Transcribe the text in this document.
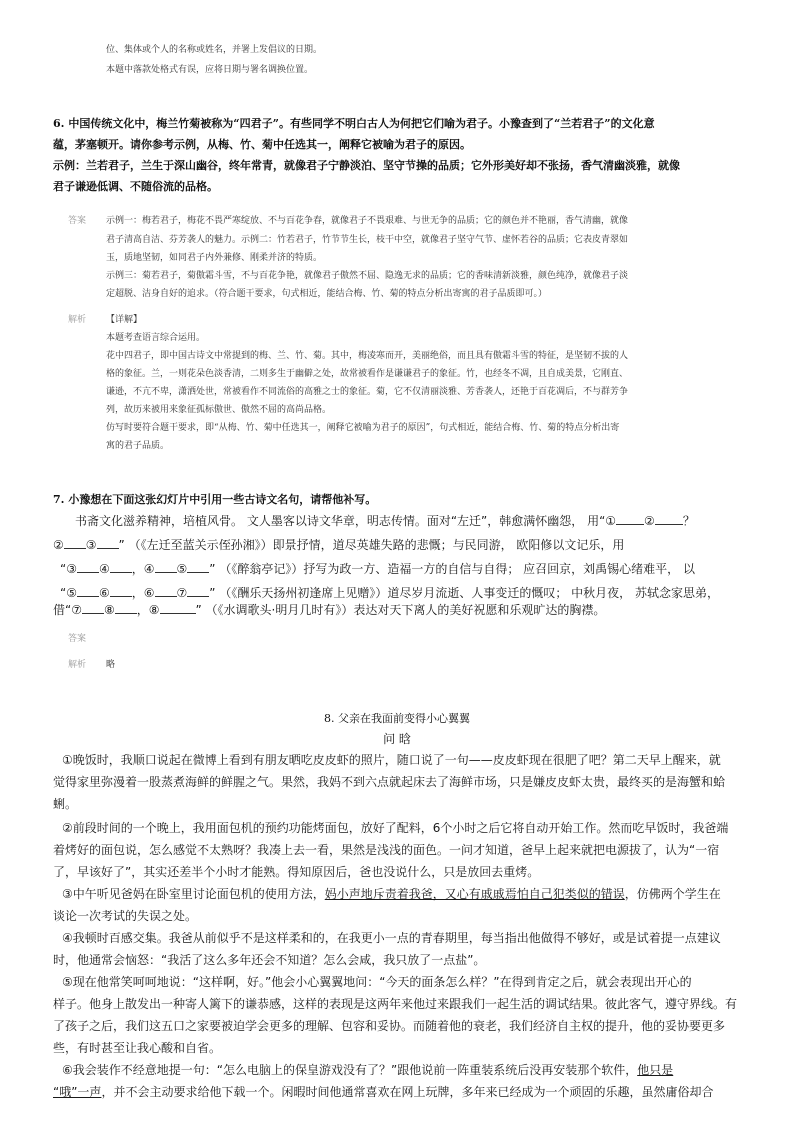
位、集体或个人的名称或姓名，并署上发倡议的日期。
本题中落款处格式有误，应将日期与署名调换位置。
6. 中国传统文化中，梅兰竹菊被称为“四君子”。有些同学不明白古人为何把它们喻为君子。小豫查到了“兰若君子”的文化意
蕴，茅塞顿开。请你参考示例，从梅、竹、菊中任选其一，阐释它被喻为君子的原因。
示例：兰若君子，兰生于深山幽谷，终年常青，就像君子宁静淡泊、坚守节操的品质；它外形美好却不张扬，香气清幽淡雅，就像
君子谦逊低调、不随俗流的品格。
答案 示例一：梅若君子，梅花不畏严寒绽放、不与百花争春，就像君子不畏艰难、与世无争的品质；它的颜色并不艳丽，香气清幽，就像
君子清高自洁、芬芳袭人的魅力。示例二：竹若君子，竹节节生长，枝干中空，就像君子坚守气节、虚怀若谷的品质；它表皮青翠如
玉，质地坚韧，如同君子内外兼修、刚柔并济的特质。
示例三：菊若君子，菊傲霜斗雪，不与百花争艳，就像君子傲然不屈、隐逸无求的品质；它的香味清新淡雅，颜色纯净，就像君子淡
定超脱、洁身自好的追求。（符合题干要求，句式相近，能结合梅、竹、菊的特点分析出寄寓的君子品质即可。）
解析 【详解】
本题考查语言综合运用。
花中四君子，即中国古诗文中常提到的梅、兰、竹、菊。其中，梅凌寒而开，美丽绝俗，而且具有傲霜斗雪的特征，是坚韧不拔的人
格的象征。兰，一则花朵色淡香清，二则多生于幽僻之处，故常被看作是谦谦君子的象征。竹，也经冬不凋，且自成美景，它刚直、
谦逊，不亢不卑，潇洒处世，常被看作不同流俗的高雅之士的象征。菊，它不仅清丽淡雅、芳香袭人，还艳于百花凋后，不与群芳争
列，故历来被用来象征孤标傲世、傲然不屈的高尚品格。
仿写时要符合题干要求，即“从梅、竹、菊中任选其一，阐释它被喻为君子的原因”，句式相近，能结合梅、竹、菊的特点分析出寄
寓的君子品质。
7. 小豫想在下面这张幻灯片中引用一些古诗文名句，请帮他补写。
书斋文化滋养精神，培植风骨。 文人墨客以诗文华章，明志传情。面对“左迁”，韩愈满怀幽怨， 用“① ② ？
② ③ ” （《左迁至蓝关示侄孙湘》）即景抒情，道尽英雄失路的悲慨；与民同游， 欧阳修以文记乐，用
“③ ④ ，④ ⑤ ” （《醉翁亭记》）抒写为政一方、造福一方的自信与自得； 应召回京，刘禹锡心绪难平， 以
“⑤ ⑥ ，⑥ ⑦ ” （《酬乐天扬州初逢席上见赠》）道尽岁月流逝、人事变迁的慨叹； 中秋月夜， 苏轼念家思弟，
借“⑦ ⑧ ，⑧	” （《水调歌头·明月几时有》）表达对天下离人的美好祝愿和乐观旷达的胸襟。
答案
解析 略
8. 父亲在我面前变得小心翼翼
问 晗
①晚饭时，我顺口说起在微博上看到有朋友晒吃皮皮虾的照片，随口说了一句——皮皮虾现在很肥了吧？第二天早上醒来，就
觉得家里弥漫着一股蒸煮海鲜的鲜腥之气。果然，我妈不到六点就起床去了海鲜市场，只是嫌皮皮虾太贵，最终买的是海蟹和蛤
蜊。
②前段时间的一个晚上，我用面包机的预约功能烤面包，放好了配料，6个小时之后它将自动开始工作。然而吃早饭时，我爸端
着烤好的面包说，怎么感觉不太熟呀？我凑上去一看，果然是浅浅的面色。一问才知道，爸早上起来就把电源拔了，认为“一宿
了，早该好了”，其实还差半个小时才能熟。得知原因后，爸也没说什么，只是放回去重烤。
③中午听见爸妈在卧室里讨论面包机的使用方法，妈小声地斥责着我爸，又心有戚戚焉怕自己犯类似的错误，仿佛两个学生在
谈论一次考试的失误之处。
④我顿时百感交集。我爸从前似乎不是这样柔和的，在我更小一点的青春期里，每当指出他做得不够好，或是试着提一点建议
时，他通常会恼怒：“我活了这么多年还会不知道？怎么会咸，我只放了一点盐”。
⑤现在他常笑呵呵地说：“这样啊，好。”他会小心翼翼地问：“今天的面条怎么样？”在得到肯定之后，就会表现出开心的
样子。他身上散发出一种寄人篱下的谦恭感，这样的表现是这两年来他过来跟我们一起生活的调试结果。彼此客气，遵守界线。有
了孩子之后，我们这五口之家要被迫学会更多的理解、包容和妥协。而随着他的衰老，我们经济自主权的提升，他的妥协要更多
些，有时甚至让我心酸和自省。
⑥我会装作不经意地提一句：“怎么电脑上的保皇游戏没有了？”跟他说前一阵重装系统后没再安装那个软件，他只是
“哦”一声，并不会主动要求给他下载一个。闲暇时间他通常喜欢在网上玩牌，多年来已经成为一个顽固的乐趣，虽然庸俗却合
